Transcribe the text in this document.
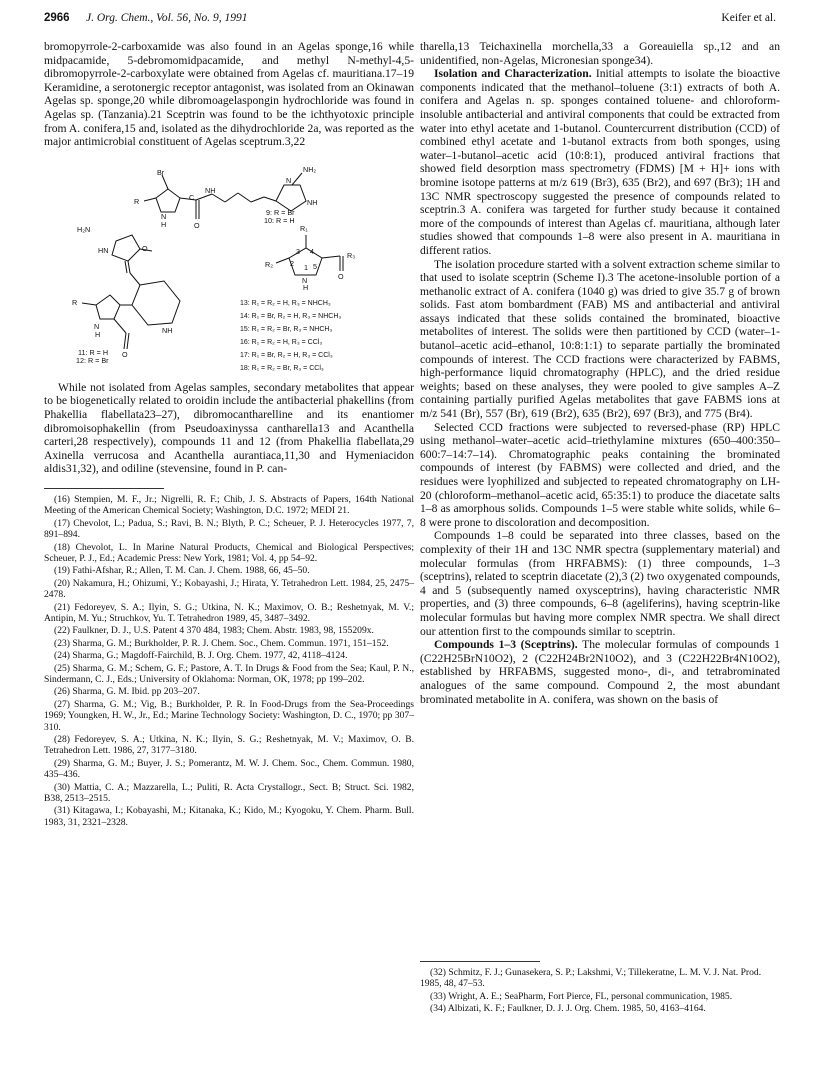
2966 J. Org. Chem., Vol. 56, No. 9, 1991	Keifer et al.

bromopyrrole-2-carboxamide was also found in an Agelas sponge,16 while midpacamide, 5-debromomidpacamide, and methyl N-methyl-4,5-dibromopyrrole-2-carboxylate were obtained from Agelas cf. mauritiana.17–19 Keramidine, a serotonergic receptor antagonist, was isolated from an Okinawan Agelas sp. sponge,20 while dibromoagelaspongin hydrochloride was found in Agelas sp. (Tanzania).21 Sceptrin was found to be the ichthyotoxic principle from A. conifera,15 and, isolated as the dihydrochloride 2a, was reported as the major antimicrobial constituent of Agelas sceptrum.3,22

Br
R
N
H
C
O
NH
N
NH₂
NH
9: R = Br
10: R = H
H₂N
O
HN
R
N
H	NH
O
11: R = H
12: R = Br
R₁
R₂
R₃
O
N
H
2
3 4
5
1
13: R₁ = R₂ = H, R₃ = NHCH₃
14: R₁ = Br, R₂ = H, R₃ = NHCH₃
15: R₁ = R₂ = Br, R₃ = NHCH₃
16: R₁ = R₂ = H, R₃ = CCl₃
17: R₁ = Br, R₂ = H, R₃ = CCl₃
18: R₁ = R₂ = Br, R₃ = CCl₃

While not isolated from Agelas samples, secondary metabolites that appear to be biogenetically related to oroidin include the antibacterial phakellins (from Phakellia flabellata23–27), dibromocantharelline and its enantiomer dibromoisophakellin (from Pseudoaxinyssa cantharella13 and Acanthella carteri,28 respectively), compounds 11 and 12 (from Phakellia flabellata,29 Axinella verrucosa and Acanthella aurantiaca,11,30 and Hymeniacidon aldis31,32), and odiline (stevensine, found in P. can-

(16) Stempien, M. F., Jr.; Nigrelli, R. F.; Chib, J. S. Abstracts of Papers, 164th National Meeting of the American Chemical Society; Washington, D.C. 1972; MEDI 21.

(17) Chevolot, L.; Padua, S.; Ravi, B. N.; Blyth, P. C.; Scheuer, P. J. Heterocycles 1977, 7, 891–894.

(18) Chevolot, L. In Marine Natural Products, Chemical and Biological Perspectives; Scheuer, P. J., Ed.; Academic Press: New York, 1981; Vol. 4, pp 54–92.

(19) Fathi-Afshar, R.; Allen, T. M. Can. J. Chem. 1988, 66, 45–50.

(20) Nakamura, H.; Ohizumi, Y.; Kobayashi, J.; Hirata, Y. Tetrahedron Lett. 1984, 25, 2475–2478.

(21) Fedoreyev, S. A.; Ilyin, S. G.; Utkina, N. K.; Maximov, O. B.; Reshetnyak, M. V.; Antipin, M. Yu.; Struchkov, Yu. T. Tetrahedron 1989, 45, 3487–3492.

(22) Faulkner, D. J., U.S. Patent 4 370 484, 1983; Chem. Abstr. 1983, 98, 155209x.

(23) Sharma, G. M.; Burkholder, P. R. J. Chem. Soc., Chem. Commun. 1971, 151–152.

(24) Sharma, G.; Magdoff-Fairchild, B. J. Org. Chem. 1977, 42, 4118–4124.

(25) Sharma, G. M.; Schem, G. F.; Pastore, A. T. In Drugs & Food from the Sea; Kaul, P. N., Sindermann, C. J., Eds.; University of Oklahoma: Norman, OK, 1978; pp 199–202.

(26) Sharma, G. M. Ibid. pp 203–207.

(27) Sharma, G. M.; Vig, B.; Burkholder, P. R. In Food-Drugs from the Sea-Proceedings 1969; Youngken, H. W., Jr., Ed.; Marine Technology Society: Washington, D. C., 1970; pp 307–310.

(28) Fedoreyev, S. A.; Utkina, N. K.; Ilyin, S. G.; Reshetnyak, M. V.; Maximov, O. B. Tetrahedron Lett. 1986, 27, 3177–3180.

(29) Sharma, G. M.; Buyer, J. S.; Pomerantz, M. W. J. Chem. Soc., Chem. Commun. 1980, 435–436.

(30) Mattia, C. A.; Mazzarella, L.; Puliti, R. Acta Crystallogr., Sect. B; Struct. Sci. 1982, B38, 2513–2515.

(31) Kitagawa, I.; Kobayashi, M.; Kitanaka, K.; Kido, M.; Kyogoku, Y. Chem. Pharm. Bull. 1983, 31, 2321–2328.

tharella,13 Teichaxinella morchella,33 a Goreauiella sp.,12 and an unidentified, non-Agelas, Micronesian sponge34).

Isolation and Characterization. Initial attempts to isolate the bioactive components indicated that the methanol–toluene (3:1) extracts of both A. conifera and Agelas n. sp. sponges contained toluene- and chloroform-insoluble antibacterial and antiviral components that could be extracted from water into ethyl acetate and 1-butanol. Countercurrent distribution (CCD) of combined ethyl acetate and 1-butanol extracts from both sponges, using water–1-butanol–acetic acid (10:8:1), produced antiviral fractions that showed field desorption mass spectrometry (FDMS) [M + H]+ ions with bromine isotope patterns at m/z 619 (Br3), 635 (Br2), and 697 (Br3); 1H and 13C NMR spectroscopy suggested the presence of compounds related to sceptrin.3 A. conifera was targeted for further study because it contained more of the compounds of interest than Agelas cf. mauritiana, although later studies showed that compounds 1–8 were also present in A. mauritiana in different ratios.

The isolation procedure started with a solvent extraction scheme similar to that used to isolate sceptrin (Scheme I).3 The acetone-insoluble portion of a methanolic extract of A. conifera (1040 g) was dried to give 35.7 g of brown solids. Fast atom bombardment (FAB) MS and antibacterial and antiviral assays indicated that these solids contained the brominated, bioactive metabolites of interest. The solids were then partitioned by CCD (water–1-butanol–acetic acid–ethanol, 10:8:1:1) to separate partially the brominated compounds of interest. The CCD fractions were characterized by FABMS, high-performance liquid chromatography (HPLC), and the dried residue weights; based on these analyses, they were pooled to give samples A–Z containing partially purified Agelas metabolites that gave FABMS ions at m/z 541 (Br), 557 (Br), 619 (Br2), 635 (Br2), 697 (Br3), and 775 (Br4).

Selected CCD fractions were subjected to reversed-phase (RP) HPLC using methanol–water–acetic acid–triethylamine mixtures (650–400:350–600:7–14:7–14). Chromatographic peaks containing the brominated compounds of interest (by FABMS) were collected and dried, and the residues were lyophilized and subjected to repeated chromatography on LH-20 (chloroform–methanol–acetic acid, 65:35:1) to produce the diacetate salts 1–8 as amorphous solids. Compounds 1–5 were stable white solids, while 6–8 were prone to discoloration and decomposition.

Compounds 1–8 could be separated into three classes, based on the complexity of their 1H and 13C NMR spectra (supplementary material) and molecular formulas (from HRFABMS): (1) three compounds, 1–3 (sceptrins), related to sceptrin diacetate (2),3 (2) two oxygenated compounds, 4 and 5 (subsequently named oxysceptrins), having characteristic NMR properties, and (3) three compounds, 6–8 (ageliferins), having sceptrin-like molecular formulas but having more complex NMR spectra. We shall direct our attention first to the compounds similar to sceptrin.

Compounds 1–3 (Sceptrins). The molecular formulas of compounds 1 (C22H25BrN10O2), 2 (C22H24Br2N10O2), and 3 (C22H22Br4N10O2), established by HRFABMS, suggested mono-, di-, and tetrabrominated analogues of the same compound. Compound 2, the most abundant brominated metabolite in A. conifera, was shown on the basis of

(32) Schmitz, F. J.; Gunasekera, S. P.; Lakshmi, V.; Tillekeratne, L. M. V. J. Nat. Prod. 1985, 48, 47–53.

(33) Wright, A. E.; SeaPharm, Fort Pierce, FL, personal communication, 1985.

(34) Albizati, K. F.; Faulkner, D. J. J. Org. Chem. 1985, 50, 4163–4164.
